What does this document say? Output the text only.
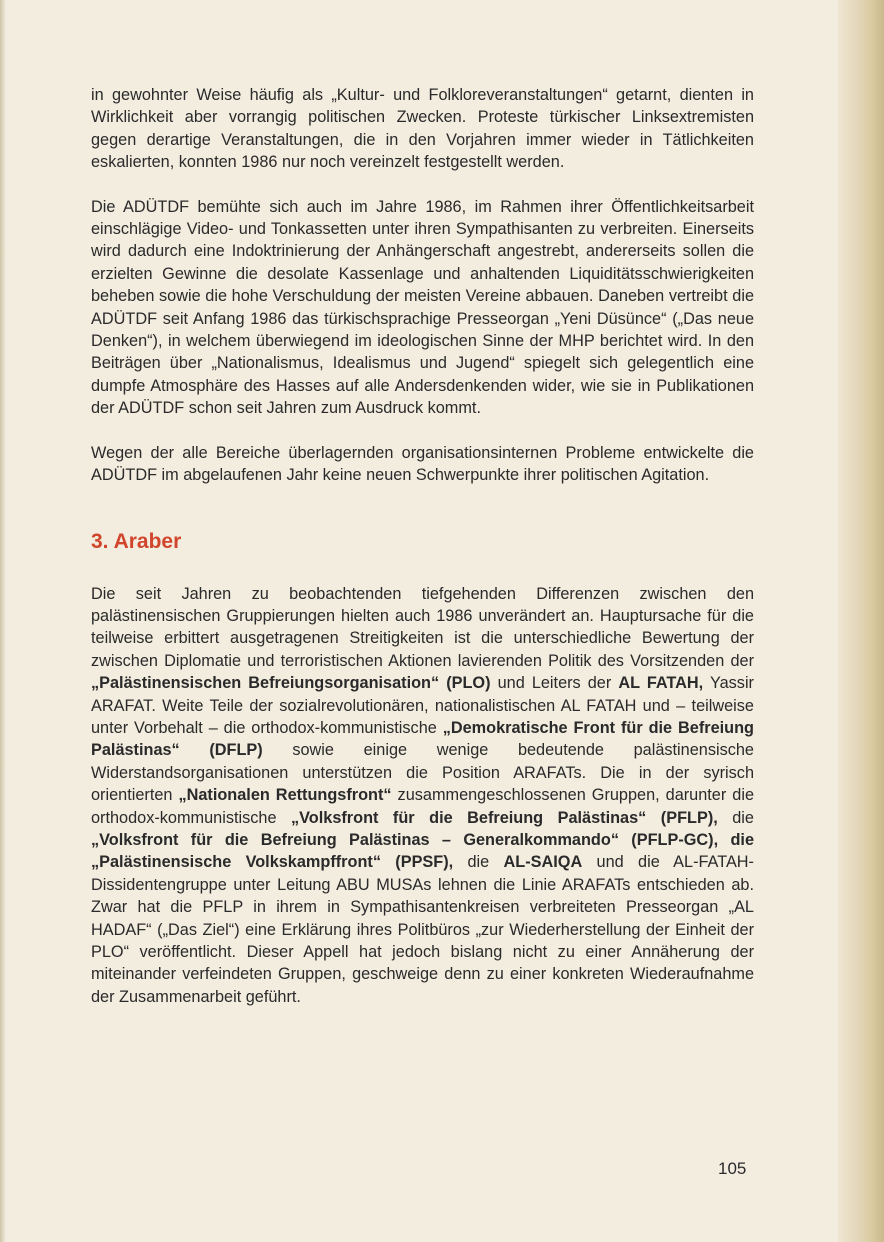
in gewohnter Weise häufig als „Kultur- und Folkloreveranstaltungen“ getarnt, dienten in Wirklichkeit aber vorrangig politischen Zwecken. Proteste türkischer Linksextremisten gegen derartige Veranstaltungen, die in den Vorjahren immer wieder in Tätlichkeiten eskalierten, konnten 1986 nur noch vereinzelt festgestellt werden.

Die ADÜTDF bemühte sich auch im Jahre 1986, im Rahmen ihrer Öffentlichkeitsarbeit einschlägige Video- und Tonkassetten unter ihren Sympathisanten zu verbreiten. Einerseits wird dadurch eine Indoktrinierung der Anhängerschaft angestrebt, andererseits sollen die erzielten Gewinne die desolate Kassenlage und anhaltenden Liquiditätsschwierigkeiten beheben sowie die hohe Verschuldung der meisten Vereine abbauen. Daneben vertreibt die ADÜTDF seit Anfang 1986 das türkischsprachige Presseorgan „Yeni Düsünce“ („Das neue Denken“), in welchem überwiegend im ideologischen Sinne der MHP berichtet wird. In den Beiträgen über „Nationalismus, Idealismus und Jugend“ spiegelt sich gelegentlich eine dumpfe Atmosphäre des Hasses auf alle Andersdenkenden wider, wie sie in Publikationen der ADÜTDF schon seit Jahren zum Ausdruck kommt.

Wegen der alle Bereiche überlagernden organisationsinternen Probleme entwickelte die ADÜTDF im abgelaufenen Jahr keine neuen Schwerpunkte ihrer politischen Agitation.

3. Araber

Die seit Jahren zu beobachtenden tiefgehenden Differenzen zwischen den palästinensischen Gruppierungen hielten auch 1986 unverändert an. Hauptursache für die teilweise erbittert ausgetragenen Streitigkeiten ist die unterschiedliche Bewertung der zwischen Diplomatie und terroristischen Aktionen lavierenden Politik des Vorsitzenden der „Palästinensischen Befreiungsorganisation“ (PLO) und Leiters der AL FATAH, Yassir ARAFAT. Weite Teile der sozialrevolutionären, nationalistischen AL FATAH und – teilweise unter Vorbehalt – die orthodox-kommunistische „Demokratische Front für die Befreiung Palästinas“ (DFLP) sowie einige wenige bedeutende palästinensische Widerstandsorganisationen unterstützen die Position ARAFATs. Die in der syrisch orientierten „Nationalen Rettungsfront“ zusammengeschlossenen Gruppen, darunter die orthodox-kommunistische „Volksfront für die Befreiung Palästinas“ (PFLP), die „Volksfront für die Befreiung Palästinas – Generalkommando“ (PFLP-GC), die „Palästinensische Volkskampffront“ (PPSF), die AL-SAIQA und die AL-FATAH-Dissidentengruppe unter Leitung ABU MUSAs lehnen die Linie ARAFATs entschieden ab. Zwar hat die PFLP in ihrem in Sympathisantenkreisen verbreiteten Presseorgan „AL HADAF“ („Das Ziel“) eine Erklärung ihres Politbüros „zur Wiederherstellung der Einheit der PLO“ veröffentlicht. Dieser Appell hat jedoch bislang nicht zu einer Annäherung der miteinander verfeindeten Gruppen, geschweige denn zu einer konkreten Wiederaufnahme der Zusammenarbeit geführt.

105
